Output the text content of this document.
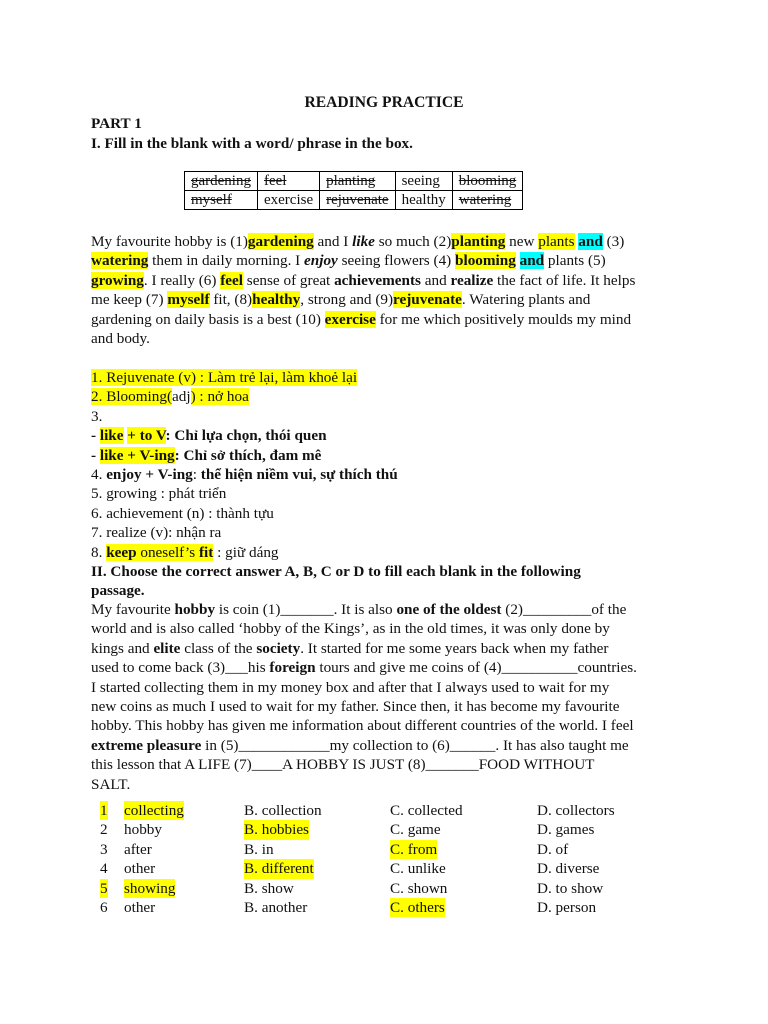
READING PRACTICE
PART 1
I. Fill in the blank with a word/ phrase in the box.
gardening	feel	planting	seeing	blooming
myself	exercise	rejuvenate	healthy	watering
My favourite hobby is (1)gardening and I like so much (2)planting new plants and (3)
watering them in daily morning. I enjoy seeing flowers (4) blooming and plants (5)
growing. I really (6) feel sense of great achievements and realize the fact of life. It helps
me keep (7) myself fit, (8)healthy, strong and (9)rejuvenate. Watering plants and
gardening on daily basis is a best (10) exercise for me which positively moulds my mind
and body.
1. Rejuvenate (v) : Làm trẻ lại, làm khoẻ lại
2. Blooming(adj) : nở hoa
3.
- like + to V: Chỉ lựa chọn, thói quen
- like + V-ing: Chỉ sở thích, đam mê
4. enjoy + V-ing: thể hiện niềm vui, sự thích thú
5. growing : phát triển
6. achievement (n) : thành tựu
7. realize (v): nhận ra
8. keep oneself’s fit : giữ dáng
II. Choose the correct answer A, B, C or D to fill each blank in the following
passage.
My favourite hobby is coin (1)_______. It is also one of the oldest (2)_________of the
world and is also called ‘hobby of the Kings’, as in the old times, it was only done by
kings and elite class of the society. It started for me some years back when my father
used to come back (3)___his foreign tours and give me coins of (4)__________countries.
I started collecting them in my money box and after that I always used to wait for my
new coins as much I used to wait for my father. Since then, it has become my favourite
hobby. This hobby has given me information about different countries of the world. I feel
extreme pleasure in (5)____________my collection to (6)______. It has also taught me
this lesson that A LIFE (7)____A HOBBY IS JUST (8)_______FOOD WITHOUT
SALT.
1 collecting	B. collection	C. collected	D. collectors
2 hobby	B. hobbies	C. game	D. games
3 after	B. in	C. from	D. of
4 other	B. different	C. unlike	D. diverse
5 showing	B. show	C. shown	D. to show
6 other	B. another	C. others	D. person
